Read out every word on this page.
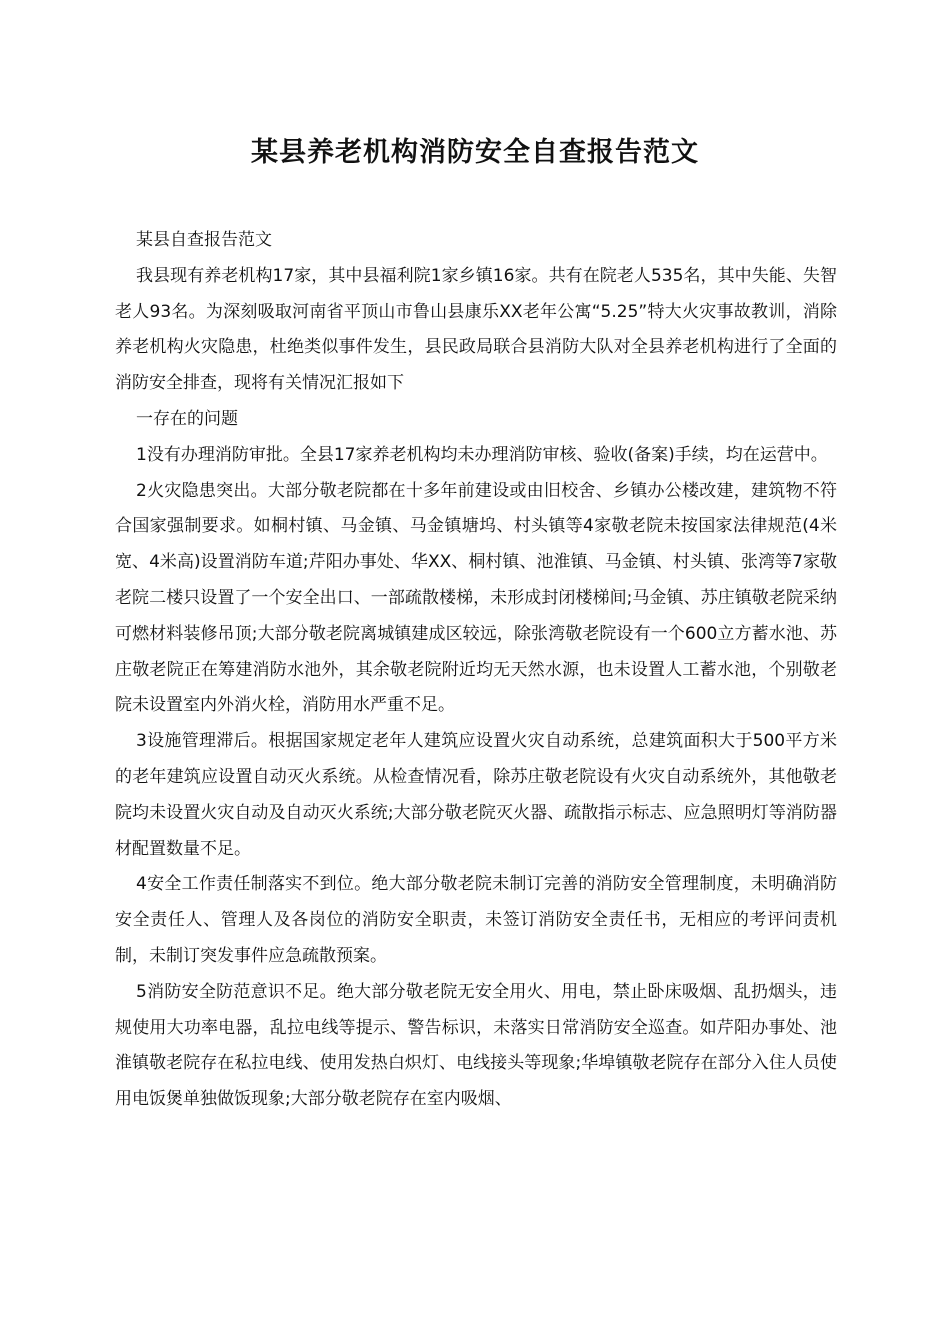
某县养老机构消防安全自查报告范文

某县自查报告范文

我县现有养老机构17家，其中县福利院1家乡镇16家。共有在院老人535名，其中失能、失智老人93名。为深刻吸取河南省平顶山市鲁山县康乐XX老年公寓“5.25”特大火灾事故教训，消除养老机构火灾隐患，杜绝类似事件发生，县民政局联合县消防大队对全县养老机构进行了全面的消防安全排查，现将有关情况汇报如下

一存在的问题

1没有办理消防审批。全县17家养老机构均未办理消防审核、验收(备案)手续，均在运营中。

2火灾隐患突出。大部分敬老院都在十多年前建设或由旧校舍、乡镇办公楼改建，建筑物不符合国家强制要求。如桐村镇、马金镇、马金镇塘坞、村头镇等4家敬老院未按国家法律规范(4米宽、4米高)设置消防车道;芹阳办事处、华XX、桐村镇、池淮镇、马金镇、村头镇、张湾等7家敬老院二楼只设置了一个安全出口、一部疏散楼梯，未形成封闭楼梯间;马金镇、苏庄镇敬老院采纳可燃材料装修吊顶;大部分敬老院离城镇建成区较远，除张湾敬老院设有一个600立方蓄水池、苏庄敬老院正在筹建消防水池外，其余敬老院附近均无天然水源，也未设置人工蓄水池，个别敬老院未设置室内外消火栓，消防用水严重不足。

3设施管理滞后。根据国家规定老年人建筑应设置火灾自动系统，总建筑面积大于500平方米的老年建筑应设置自动灭火系统。从检查情况看，除苏庄敬老院设有火灾自动系统外，其他敬老院均未设置火灾自动及自动灭火系统;大部分敬老院灭火器、疏散指示标志、应急照明灯等消防器材配置数量不足。

4安全工作责任制落实不到位。绝大部分敬老院未制订完善的消防安全管理制度，未明确消防安全责任人、管理人及各岗位的消防安全职责，未签订消防安全责任书，无相应的考评问责机制，未制订突发事件应急疏散预案。

5消防安全防范意识不足。绝大部分敬老院无安全用火、用电，禁止卧床吸烟、乱扔烟头，违规使用大功率电器，乱拉电线等提示、警告标识，未落实日常消防安全巡查。如芹阳办事处、池淮镇敬老院存在私拉电线、使用发热白炽灯、电线接头等现象;华埠镇敬老院存在部分入住人员使用电饭煲单独做饭现象;大部分敬老院存在室内吸烟、
